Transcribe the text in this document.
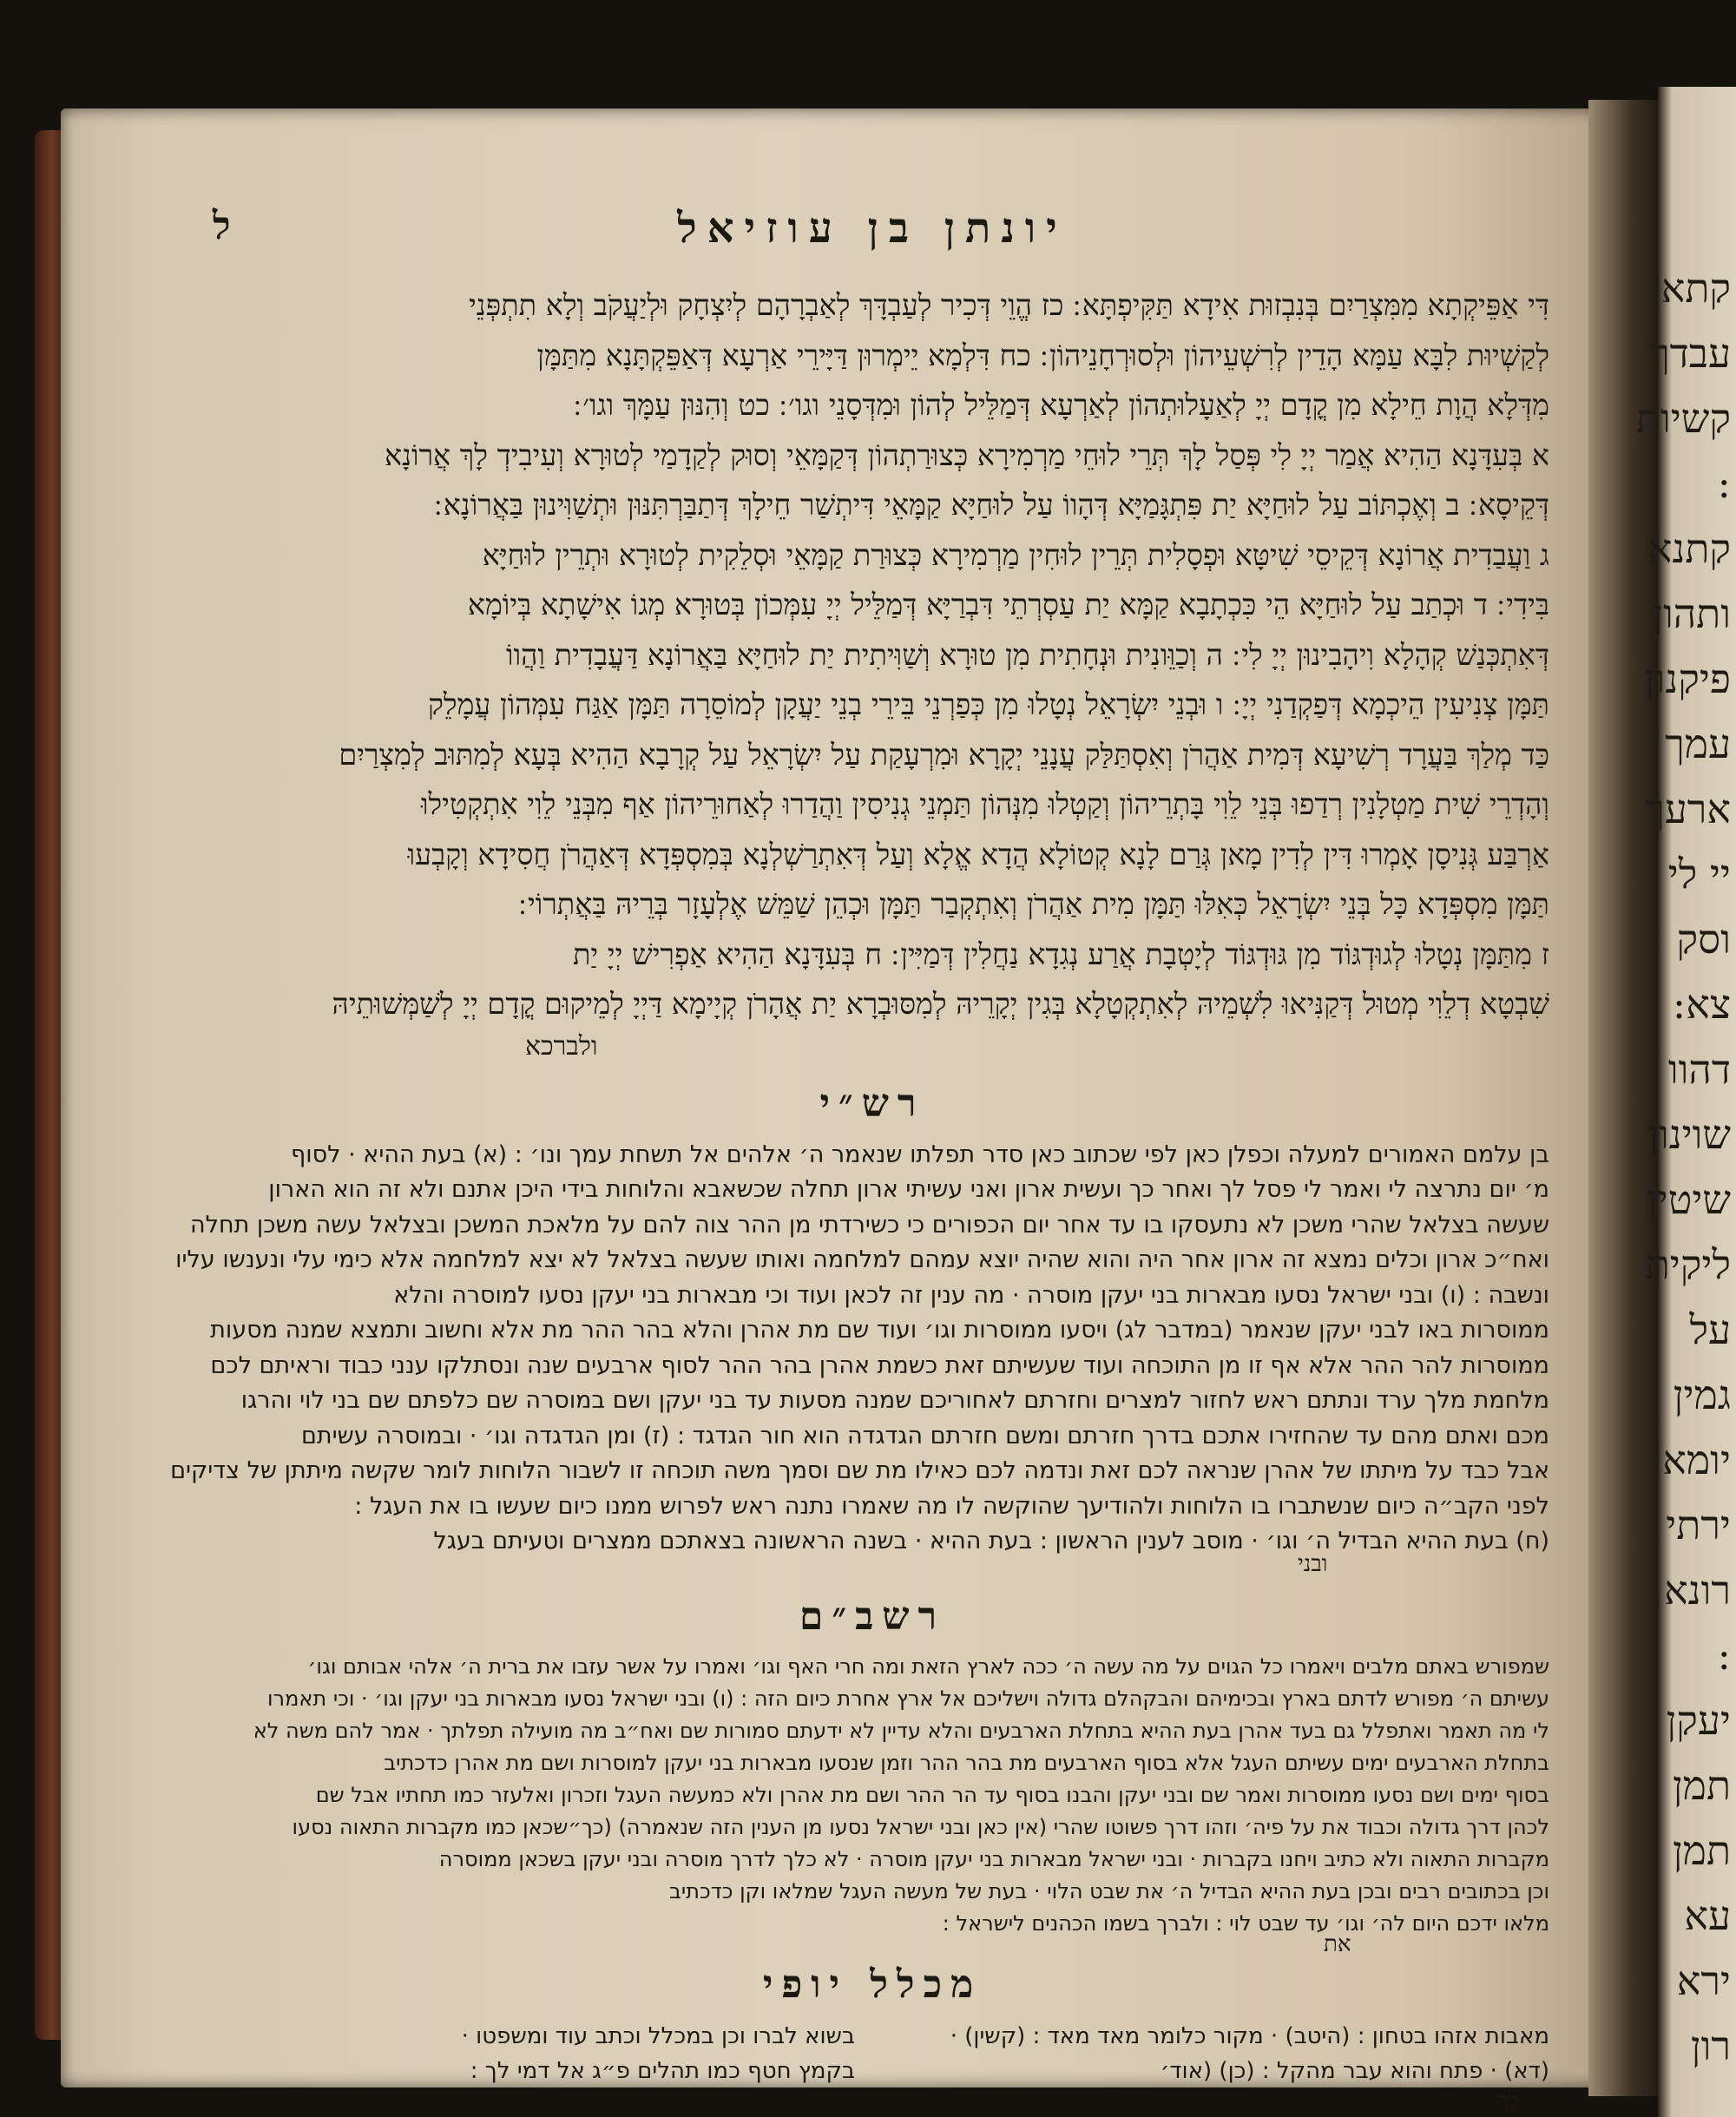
קתא
עבדך
קשיות
:
קתנא
ותהון
פיקנון
עמך
ארעך
יי לי
וסק
צא:
דהוו
שוינון
שיטין
ליקית
על
גמין
יומא
ירתי
רונא
:
יעקן
תמן
תמן
עא
ירא
רון
יונתן בן עוזיאל
ל
דִּי אַפֵּיקְתָא מִמִּצְרַיִם בְּנִבְזוּת אִידָא תַּקִּיפְתָּא ׃ כז הֱוֵי דְּכִיר לְעַבְדָּךְ לְאַבְרָהָם לְיִצְחָק וּלְיַעֲקֹב וְלָא תִתְפְּנֵי
לְקַשְׁיוּת לִבָּא עַמָּא הָדֵין לְרִשְׁעֵיהוֹן וּלְסוּרְחָנֵיהוֹן ׃ כח דִּלְמָא יֵימְרוּן דַּיָּירֵי אַרְעָא דְּאַפֵּקְתָּנָא מִתַּמָּן
מִדְּלָא הֲוָת חֵילָא מִן קֳדָם יְיָ לְאַעָלוּתְהוֹן לְאַרְעָא דְּמַלֵּיל לְהוֹן וּמִדְּסָנֵי וגו׳ ׃ כט וְהִנּוּן עַמָּךְ וגו׳ ׃
א בְּעִדָּנָא הַהִיא אֲמַר יְיָ לִי פְּסַל לָךְ תְּרֵי לוּחֵי מַרְמִירָא כְּצוּרַתְהוֹן דְּקַמָּאֵי וְסוּק לְקַדָמַי לְטוּרָא וְעִיבִידְ לָךְ אֲרוֹנָא
דְּקֵיסָא ׃ ב וְאֶכְתּוֹב עַל לוּחַיָּא יַת פִּתְגָּמַיָּא דְּהָווֹ עַל לוּחַיָּא קַמָּאֵי דִּיתְשַׁר חֵילָךְ דְּתַבַּרְתִּנּוּן וּתְשַׁוִּינוּן בַּאֲרוֹנָא ׃
ג וַעֲבַדִית אֲרוֹנָא דְּקֵיסֵי שִׁיטָּא וּפְסָלִית תְּרֵין לוּחִין מַרְמִירָא כְּצוּרַת קַמָּאֵי וּסְלֵקִית לְטוּרָא וּתְרֵין לוּחַיָּא
בִּידִי ׃ ד וּכְתַב עַל לוּחַיָּא הֵי כִּכְתָבָא קַמָּא יַת עַסְרְתֵי דִּבְרַיָּא דְּמַלֵּיל יְיָ עִמְּכוֹן בְּטוּרָא מְגוֹ אִישָׁתָא בְּיוֹמָא
דְּאִתְכְּנַשׁ קְהָלָא וִיהָבִינוּן יְיָ לִי ׃ ה וְכַוֵּונִית וּנְחָתִית מִן טוּרָא וְשַׁוִּיתִית יַת לוּחַיָּא בַּאֲרוֹנָא דַּעֲבָדִית וַהֲווֹ
תַּמָּן צְנִיעִין הֵיכְמָא דְּפַקְדַנִי יְיָ ׃ ו וּבְנֵי יִשְׂרָאֵל נְטָלוּ מִן כְּפַרְנֵי בֵּירֵי בְנֵי יַעֲקָן לְמוֹסֵרָה תַּמָּן אַגַּח עִמְּהוֹן עֲמָלֵק
כַּד מְלַךְ בַּעֲרָד רְשִׁיעָא דְּמִית אַהֲרֹן וְאִסְתַּלַּק עֲנָנֵי יְקָרָא וּמִרְעָקַת עַל יִשְׂרָאֵל עַל קְרָבָא הַהִיא בְּעָא לְמִתּוּב לְמִצְרַיִם
וְהָדְרֵי שִׁית מַטְלָנִין רְדַפוּ בְּנֵי לֵוִי בָּתְרֵיהוֹן וְקַטְלוּ מִנְּהוֹן תַּמְנֵי גְנִיסִין וַהֲדַרוּ לְאַחוּרֵיהוֹן אַף מִבְּנֵי לֵוִי אִתְקְטִילוּ
אַרְבַּע גְּנִיסָן אָמְרוּ דִּין לְדִין מָאן גְּרַם לָנָא קְטוֹלָא הֲדָא אֱלָא וְעַל דְּאִתְרַשְׁלְנָא בְּמִסְפְּדָא דְּאַהֲרֹן חֲסִידָא וְקָבְעוּ
תַּמָּן מִסְפְּדָא כָּל בְּנֵי יִשְׂרָאֵל כְּאִלּוּ תַּמָּן מִית אַהֲרֹן וְאִתְקְבַר תַּמָּן וּכְהֵן שַׁמֵּשׁ אֶלְעָזָר בְּרֵיהּ בַּאֲתְרוֹי ׃
ז מִתַּמָּן נְטָלוּ לְגוּדְגּוֹד מִן גּוּדְגּוֹד לְיָטְבָת אֲרַע נְגִדָא נַחֲלִין דְּמַיִּין ׃ ח בְּעִדָּנָא הַהִיא אַפְרִישׁ יְיָ יַת
שִׁבְטָא דְלֵוִי מְטוּל דְּקַנִּיאוּ לִשְׁמֵיהּ לְאִתְקְטָלָא בְּגִין יְקָרֵיהּ לְמִסּוּבְרָא יַת אֲהָרֹן קְיָימָא דַּיְיָ לְמֵיקוּם קֳדָם יְיָ לְשַׁמְּשׁוּתֵיהּ
ולברכא
רש״י
בן עלמם האמורים למעלה וכפלן כאן לפי שכתוב כאן סדר תפלתו שנאמר ה׳ אלהים אל תשחת עמך ונו׳ : (א) בעת ההיא · לסוף
מ׳ יום נתרצה לי ואמר לי פסל לך ואחר כך ועשית ארון ואני עשיתי ארון תחלה שכשאבא והלוחות בידי היכן אתנם ולא זה הוא הארון
שעשה בצלאל שהרי משכן לא נתעסקו בו עד אחר יום הכפורים כי כשירדתי מן ההר צוה להם על מלאכת המשכן ובצלאל עשה משכן תחלה
ואח״כ ארון וכלים נמצא זה ארון אחר היה והוא שהיה יוצא עמהם למלחמה ואותו שעשה בצלאל לא יצא למלחמה אלא כימי עלי ונענשו עליו
ונשבה : (ו) ובני ישראל נסעו מבארות בני יעקן מוסרה · מה ענין זה לכאן ועוד וכי מבארות בני יעקן נסעו למוסרה והלא
ממוסרות באו לבני יעקן שנאמר (במדבר לג) ויסעו ממוסרות וגו׳ ועוד שם מת אהרן והלא בהר ההר מת אלא וחשוב ותמצא שמנה מסעות
ממוסרות להר ההר אלא אף זו מן התוכחה ועוד שעשיתם זאת כשמת אהרן בהר ההר לסוף ארבעים שנה ונסתלקו ענני כבוד וראיתם לכם
מלחמת מלך ערד ונתתם ראש לחזור למצרים וחזרתם לאחוריכם שמנה מסעות עד בני יעקן ושם במוסרה שם כלפתם שם בני לוי והרגו
מכם ואתם מהם עד שהחזירו אתכם בדרך חזרתם ומשם חזרתם הגדגדה הוא חור הגדגד : (ז) ומן הגדגדה וגו׳ · ובמוסרה עשיתם
אבל כבד על מיתתו של אהרן שנראה לכם זאת ונדמה לכם כאילו מת שם וסמך משה תוכחה זו לשבור הלוחות לומר שקשה מיתתן של צדיקים
לפני הקב״ה כיום שנשתברו בו הלוחות ולהודיעך שהוקשה לו מה שאמרו נתנה ראש לפרוש ממנו כיום שעשו בו את העגל :
(ח) בעת ההיא הבדיל ה׳ וגו׳ · מוסב לענין הראשון : בעת ההיא · בשנה הראשונה בצאתכם ממצרים וטעיתם בעגל
ובני
רשב״ם
שמפורש באתם מלבים ויאמרו כל הגוים על מה עשה ה׳ ככה לארץ הזאת ומה חרי האף וגו׳ ואמרו על אשר עזבו את ברית ה׳ אלהי אבותם וגו׳
עשיתם ה׳ מפורש לדתם בארץ ובכימיהם והבקהלם גדולה וישליכם אל ארץ אחרת כיום הזה : (ו) ובני ישראל נסעו מבארות בני יעקן וגו׳ · וכי תאמרו
לי מה תאמר ואתפלל גם בעד אהרן בעת ההיא בתחלת הארבעים והלא עדיין לא ידעתם סמורות שם ואח״ב מה מועילה תפלתך · אמר להם משה לא
בתחלת הארבעים ימים עשיתם העגל אלא בסוף הארבעים מת בהר ההר וזמן שנסעו מבארות בני יעקן למוסרות ושם מת אהרן כדכתיב
בסוף ימים ושם נסעו ממוסרות ואמר שם ובני יעקן והבנו בסוף עד הר ההר ושם מת אהרן ולא כמעשה העגל וזכרון ואלעזר כמו תחתיו אבל שם
לכהן דרך גדולה וכבוד את על פיה׳ וזהו דרך פשוטו שהרי (אין כאן ובני ישראל נסעו מן הענין הזה שנאמרה) (כך״שכאן כמו מקברות התאוה נסעו
מקברות התאוה ולא כתיב ויחנו בקברות · ובני ישראל מבארות בני יעקן מוסרה · לא כלך לדרך מוסרה ובני יעקן בשכאן ממוסרה
וכן בכתובים רבים ובכן בעת ההיא הבדיל ה׳ את שבט הלוי · בעת של מעשה העגל שמלאו וקן כדכתיב
מלאו ידכם היום לה׳ וגו׳ עד שבט לוי : ולברך בשמו הכהנים לישראל :
את
מכלל יופי
מאבות אזהו בטחון : (היטב) · מקור כלומר מאד מאד : (קשין) ·
(דא) · פתח והוא עבר מהקל : (כן) (אוד׳
בשוא לברו וכן במכלל וכתב עוד ומשפטו ·
בקמץ חטף כמו תהלים פ״ג אל דמי לך :
לך
